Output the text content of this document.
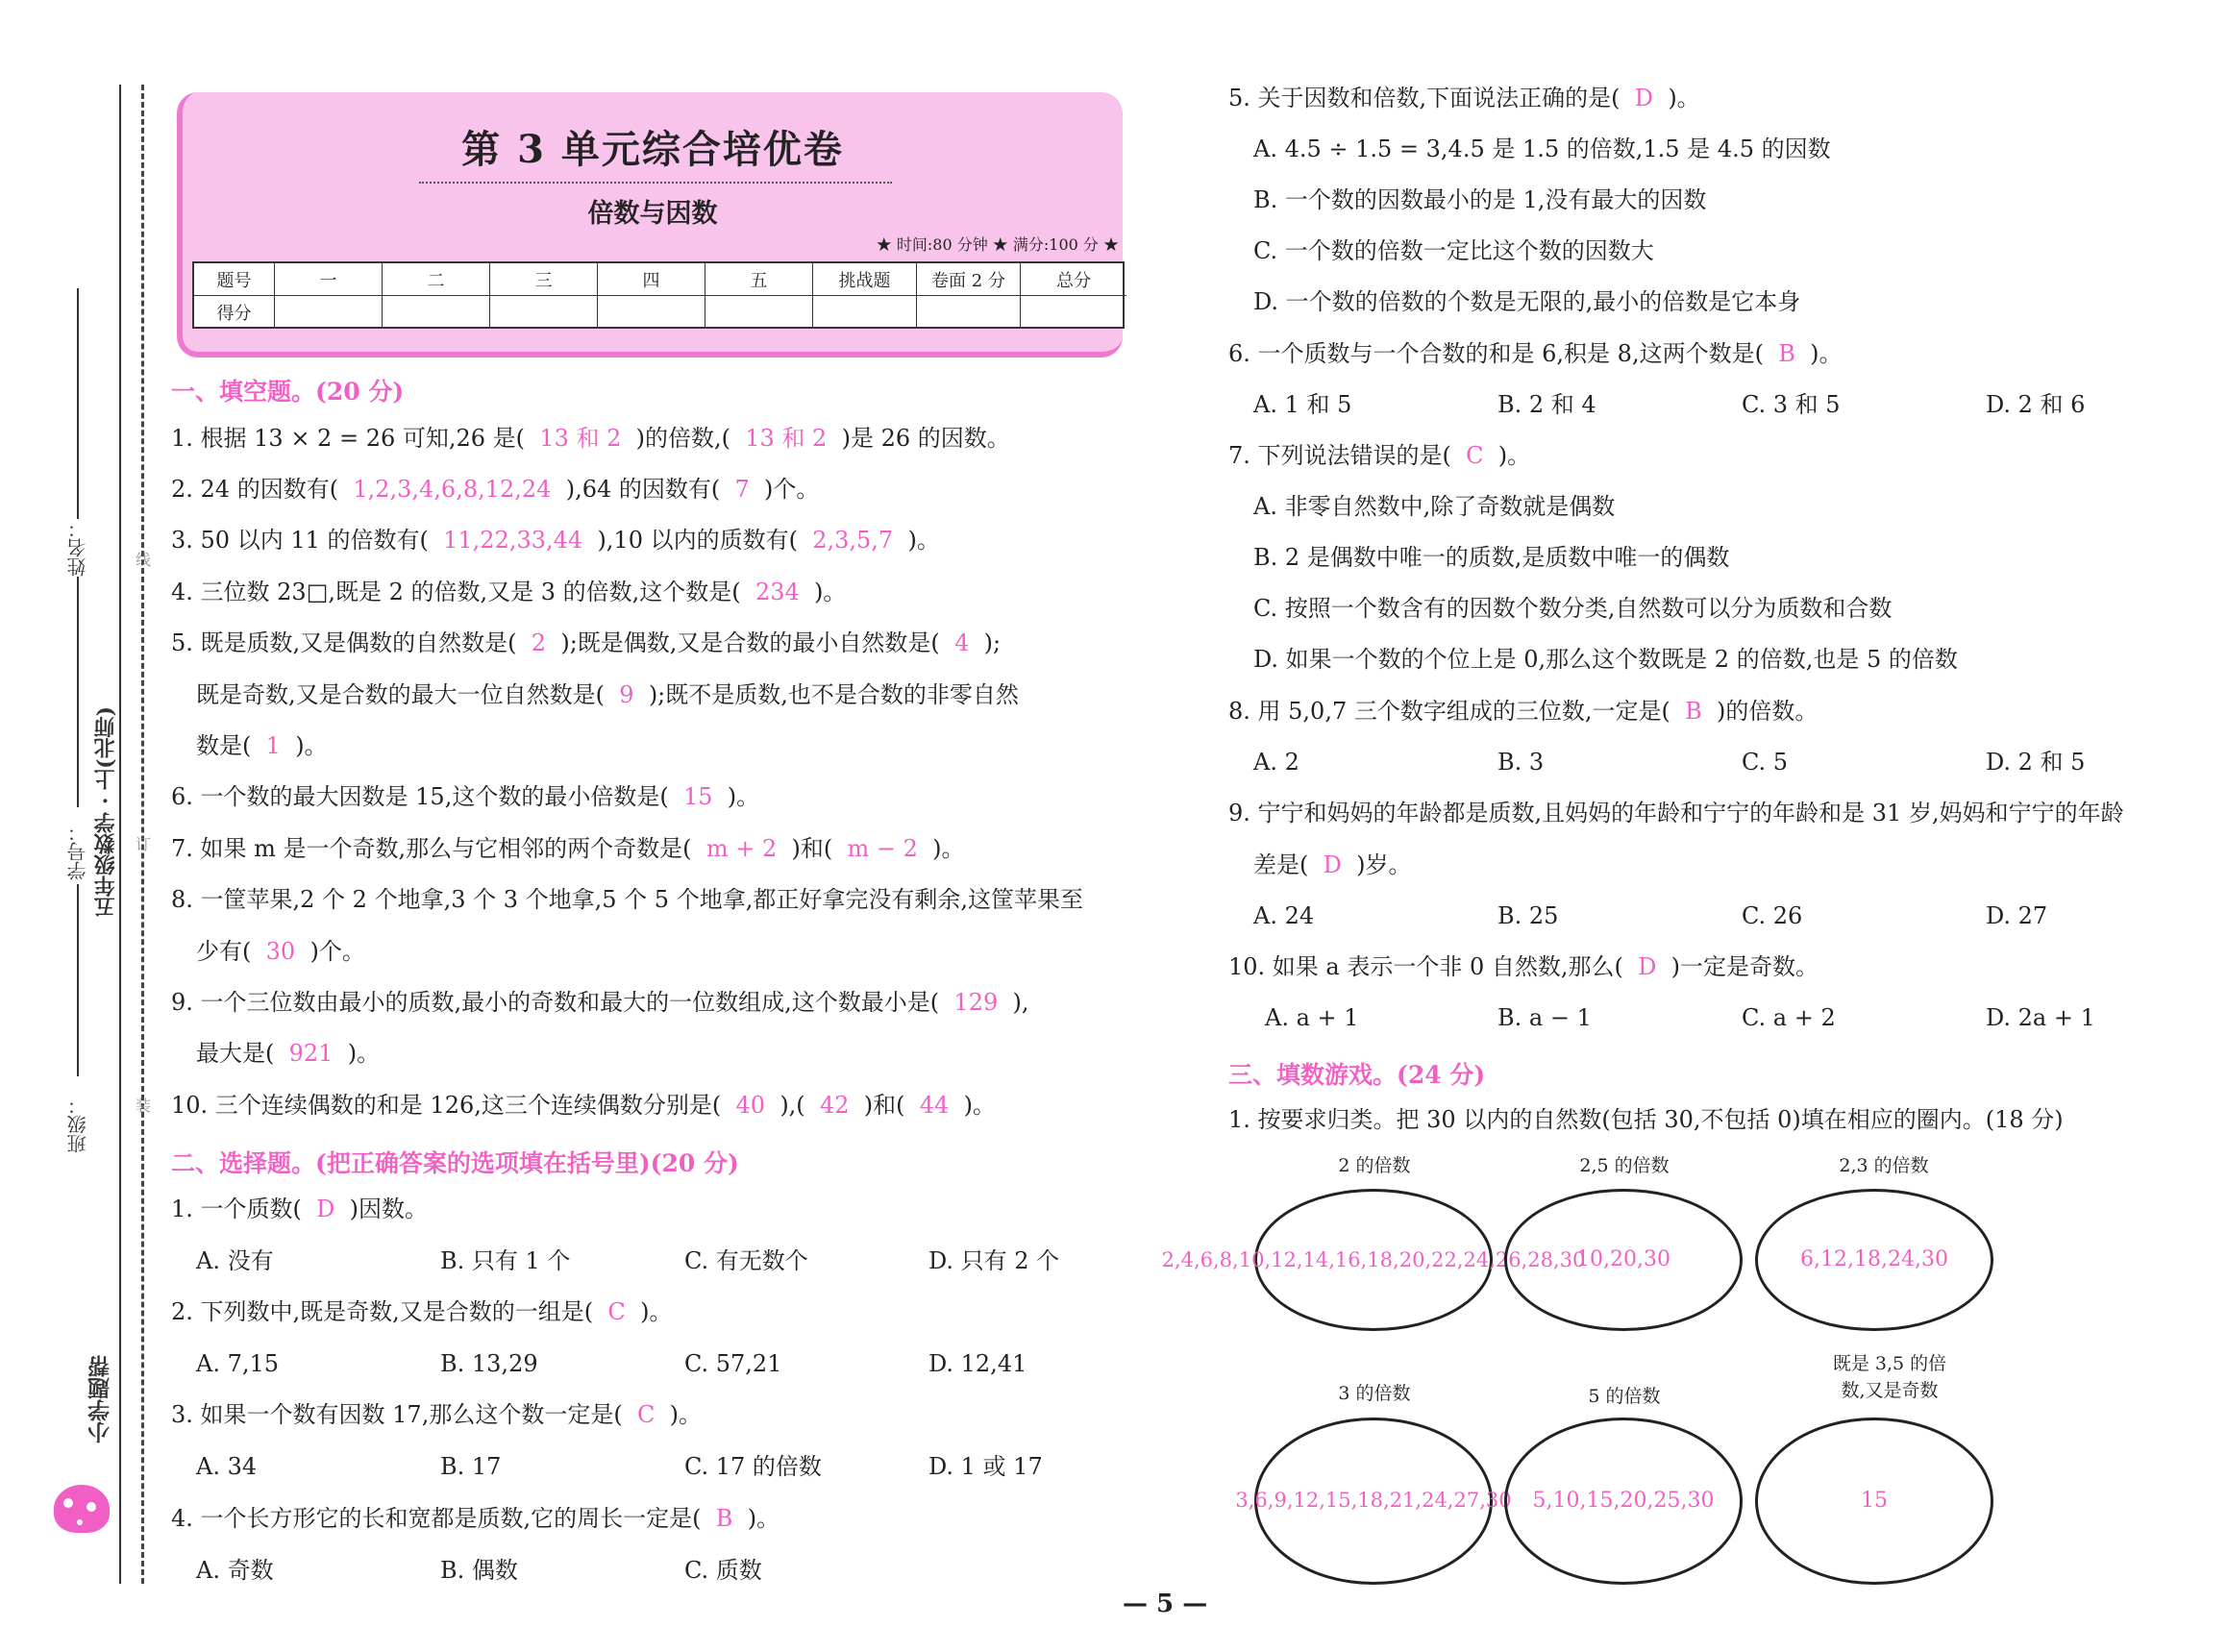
姓名：
学号： 五年级数学 · 上(北师)
班级：
线
订
装
小学题帮
第 3 单元综合培优卷
倍数与因数
★ 时间:80 分钟 ★ 满分:100 分 ★
题号	一	二	三	四	五	挑战题	卷面 2 分	总分
得分
一、填空题。(20 分)
1. 根据 13 × 2 = 26 可知,26 是( 13 和 2 )的倍数,( 13 和 2 )是 26 的因数。
2. 24 的因数有( 1,2,3,4,6,8,12,24 ),64 的因数有( 7 )个。
3. 50 以内 11 的倍数有( 11,22,33,44 ),10 以内的质数有( 2,3,5,7 )。
4. 三位数 23□,既是 2 的倍数,又是 3 的倍数,这个数是( 234 )。
5. 既是质数,又是偶数的自然数是( 2 );既是偶数,又是合数的最小自然数是( 4 );
既是奇数,又是合数的最大一位自然数是( 9 );既不是质数,也不是合数的非零自然
数是( 1 )。
6. 一个数的最大因数是 15,这个数的最小倍数是( 15 )。
7. 如果 m 是一个奇数,那么与它相邻的两个奇数是( m + 2 )和( m − 2 )。
8. 一筐苹果,2 个 2 个地拿,3 个 3 个地拿,5 个 5 个地拿,都正好拿完没有剩余,这筐苹果至
少有( 30 )个。
9. 一个三位数由最小的质数,最小的奇数和最大的一位数组成,这个数最小是( 129 ),
最大是( 921 )。
10. 三个连续偶数的和是 126,这三个连续偶数分别是( 40 ),( 42 )和( 44 )。
二、选择题。(把正确答案的选项填在括号里)(20 分)
1. 一个质数( D )因数。
A. 没有	B. 只有 1 个	C. 有无数个	D. 只有 2 个
2. 下列数中,既是奇数,又是合数的一组是( C )。
A. 7,15	B. 13,29	C. 57,21	D. 12,41
3. 如果一个数有因数 17,那么这个数一定是( C )。
A. 34	B. 17	C. 17 的倍数	D. 1 或 17
4. 一个长方形它的长和宽都是质数,它的周长一定是( B )。
A. 奇数	B. 偶数	C. 质数
5. 关于因数和倍数,下面说法正确的是( D )。
A. 4.5 ÷ 1.5 = 3,4.5 是 1.5 的倍数,1.5 是 4.5 的因数
B. 一个数的因数最小的是 1,没有最大的因数
C. 一个数的倍数一定比这个数的因数大
D. 一个数的倍数的个数是无限的,最小的倍数是它本身
6. 一个质数与一个合数的和是 6,积是 8,这两个数是( B )。
A. 1 和 5	B. 2 和 4	C. 3 和 5	D. 2 和 6
7. 下列说法错误的是( C )。
A. 非零自然数中,除了奇数就是偶数
B. 2 是偶数中唯一的质数,是质数中唯一的偶数
C. 按照一个数含有的因数个数分类,自然数可以分为质数和合数
D. 如果一个数的个位上是 0,那么这个数既是 2 的倍数,也是 5 的倍数
8. 用 5,0,7 三个数字组成的三位数,一定是( B )的倍数。
A. 2	B. 3	C. 5	D. 2 和 5
9. 宁宁和妈妈的年龄都是质数,且妈妈的年龄和宁宁的年龄和是 31 岁,妈妈和宁宁的年龄
差是( D )岁。
A. 24	B. 25	C. 26	D. 27
10. 如果 a 表示一个非 0 自然数,那么( D )一定是奇数。
A. a + 1	B. a − 1	C. a + 2	D. 2a + 1
三、填数游戏。(24 分)
1. 按要求归类。把 30 以内的自然数(包括 30,不包括 0)填在相应的圈内。(18 分)
2 的倍数
2,4,6,8,10,12,14,16,18,20,22,24,26,28,30
2,5 的倍数
10,20,30
2,3 的倍数
6,12,18,24,30
3 的倍数
3,6,9,12,15,18,21,24,27,30
5 的倍数
5,10,15,20,25,30
既是 3,5 的倍数,又是奇数
15
— 5 —
